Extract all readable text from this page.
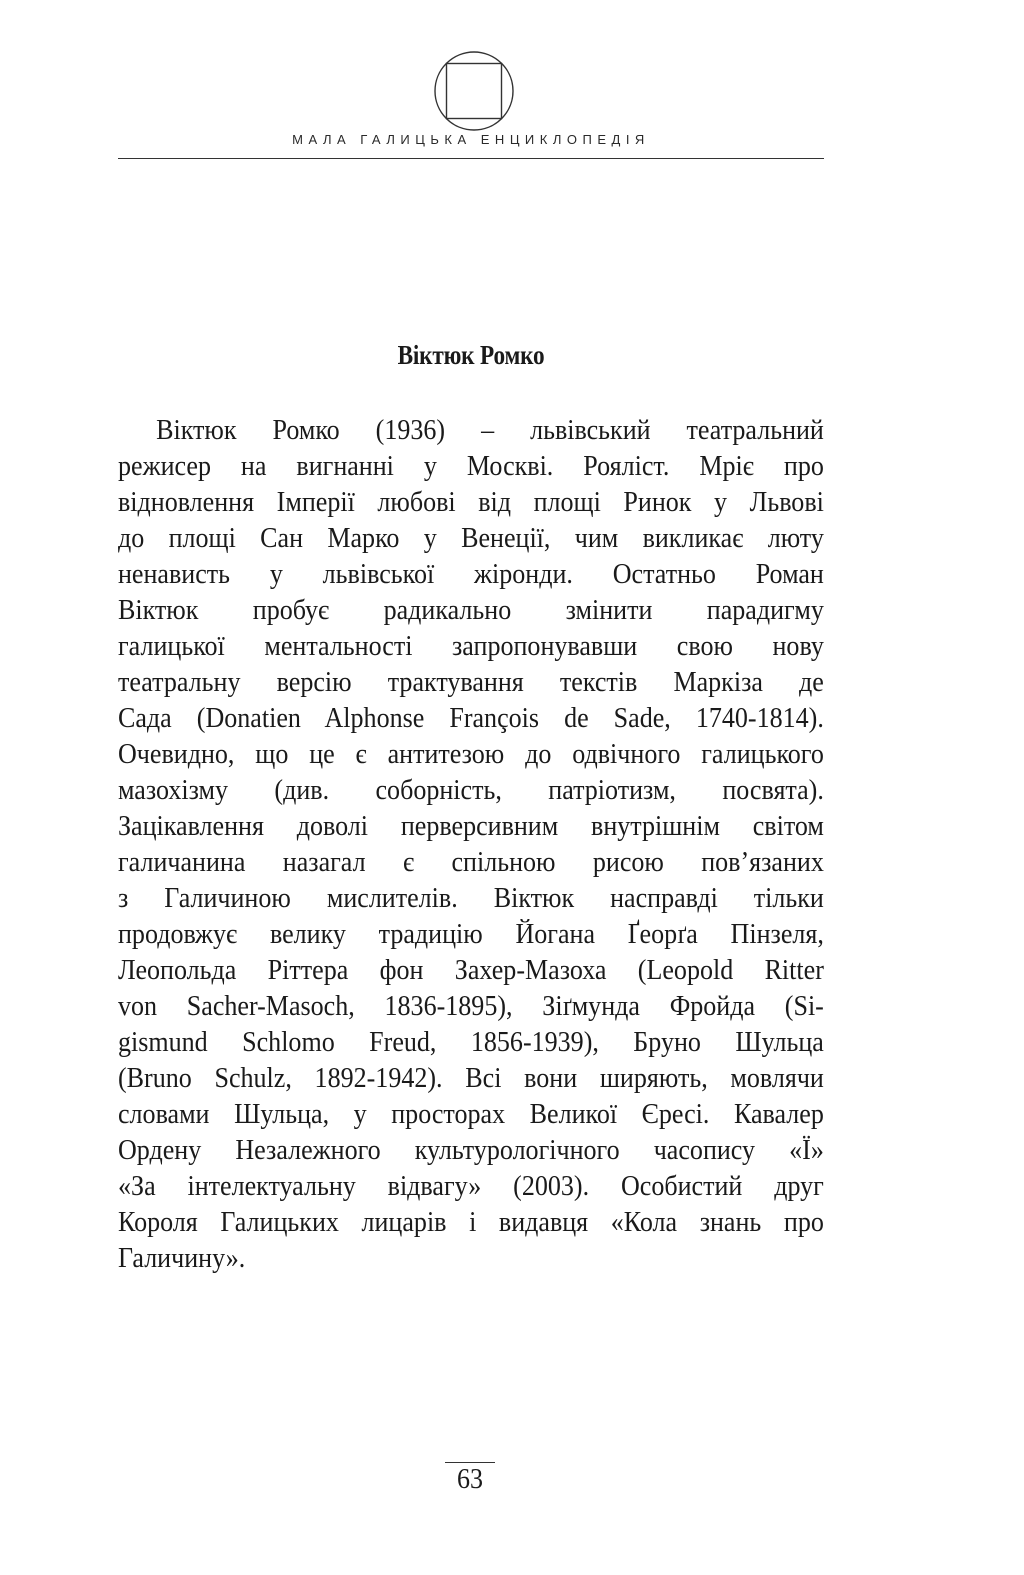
МАЛА ГАЛИЦЬКА ЕНЦИКЛОПЕДІЯ
Віктюк Ромко
Віктюк Ромко (1936) – львівський театральний
режисер на вигнанні у Москві. Рояліст. Мріє про
відновлення Імперії любові від площі Ринок у Львові
до площі Сан Марко у Венеції, чим викликає люту
ненависть у львівської жіронди. Остатньо Роман
Віктюк пробує радикально змінити парадигму
галицької ментальності запропонувавши свою нову
театральну версію трактування текстів Маркіза де
Сада (Donatien Alphonse François de Sade, 1740-1814).
Очевидно, що це є антитезою до одвічного галицького
мазохізму (див. соборність, патріотизм, посвята).
Зацікавлення доволі перверсивним внутрішнім світом
галичанина назагал є спільною рисою пов’язаних
з Галичиною мислителів. Віктюк насправді тільки
продовжує велику традицію Йогана Ґеорґа Пінзеля,
Леопольда Ріттера фон Захер-Мазоха (Leopold Ritter
von Sacher-Masoch, 1836-1895), Зіґмунда Фройда (Si-
gismund Schlomo Freud, 1856-1939), Бруно Шульца
(Bruno Schulz, 1892-1942). Всі вони ширяють, мовлячи
словами Шульца, у просторах Великої Єресі. Кавалер
Ордену Незалежного культурологічного часопису «Ї»
«За інтелектуальну відвагу» (2003). Особистий друг
Короля Галицьких лицарів і видавця «Кола знань про
Галичину».
63
